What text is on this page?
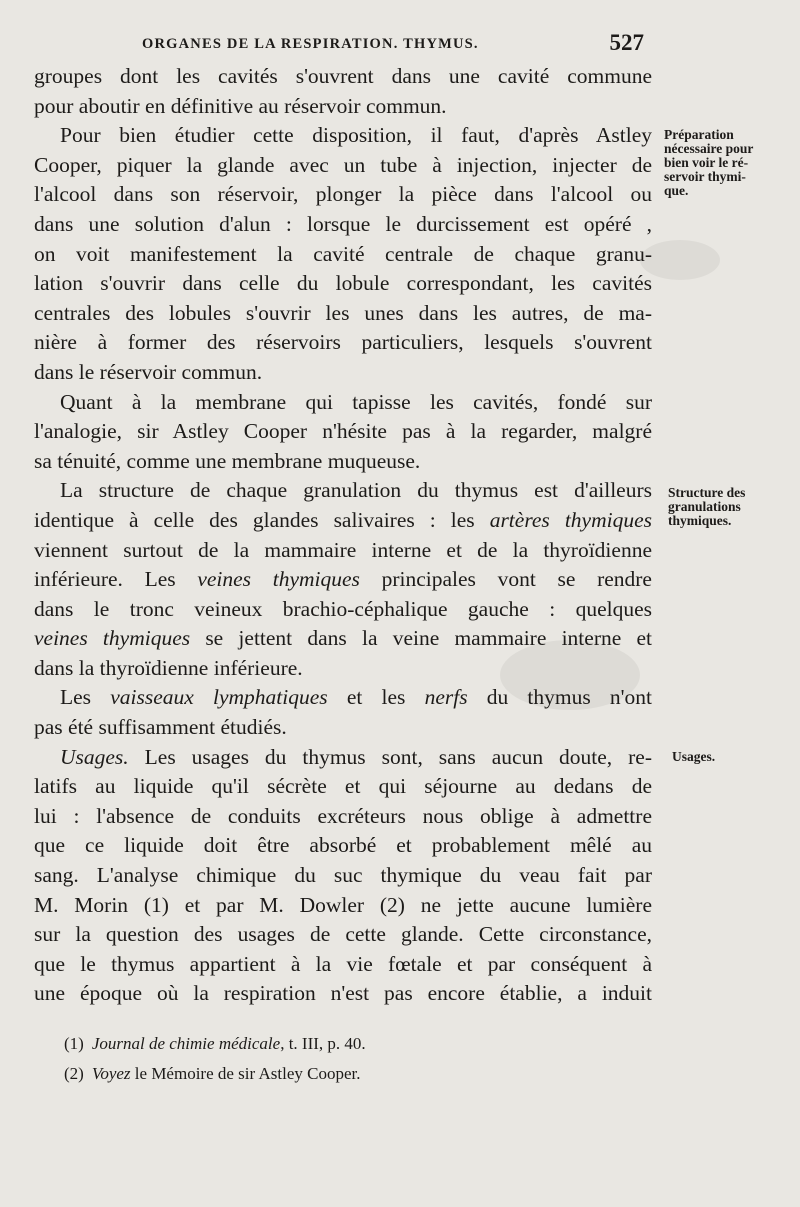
ORGANES DE LA RESPIRATION. THYMUS.	527
groupes dont les cavités s'ouvrent dans une cavité commune
pour aboutir en définitive au réservoir commun.
Pour bien étudier cette disposition, il faut, d'après Astley
Cooper, piquer la glande avec un tube à injection, injecter de
l'alcool dans son réservoir, plonger la pièce dans l'alcool ou
dans une solution d'alun : lorsque le durcissement est opéré ,
on voit manifestement la cavité centrale de chaque granu-
lation s'ouvrir dans celle du lobule correspondant, les cavités
centrales des lobules s'ouvrir les unes dans les autres, de ma-
nière à former des réservoirs particuliers, lesquels s'ouvrent
dans le réservoir commun.
Quant à la membrane qui tapisse les cavités, fondé sur
l'analogie, sir Astley Cooper n'hésite pas à la regarder, malgré
sa ténuité, comme une membrane muqueuse.
La structure de chaque granulation du thymus est d'ailleurs
identique à celle des glandes salivaires : les artères thymiques
viennent surtout de la mammaire interne et de la thyroïdienne
inférieure. Les veines thymiques principales vont se rendre
dans le tronc veineux brachio-céphalique gauche : quelques
veines thymiques se jettent dans la veine mammaire interne et
dans la thyroïdienne inférieure.
Les vaisseaux lymphatiques et les nerfs du thymus n'ont
pas été suffisamment étudiés.
Usages. Les usages du thymus sont, sans aucun doute, re-
latifs au liquide qu'il sécrète et qui séjourne au dedans de
lui : l'absence de conduits excréteurs nous oblige à admettre
que ce liquide doit être absorbé et probablement mêlé au
sang. L'analyse chimique du suc thymique du veau fait par
M. Morin (1) et par M. Dowler (2) ne jette aucune lumière
sur la question des usages de cette glande. Cette circonstance,
que le thymus appartient à la vie fœtale et par conséquent à
une époque où la respiration n'est pas encore établie, a induit
Préparation
nécessaire pour
bien voir le ré-
servoir thymi-
que.
Structure des
granulations
thymiques.
Usages.
(1) Journal de chimie médicale, t. III, p. 40.
(2) Voyez le Mémoire de sir Astley Cooper.
